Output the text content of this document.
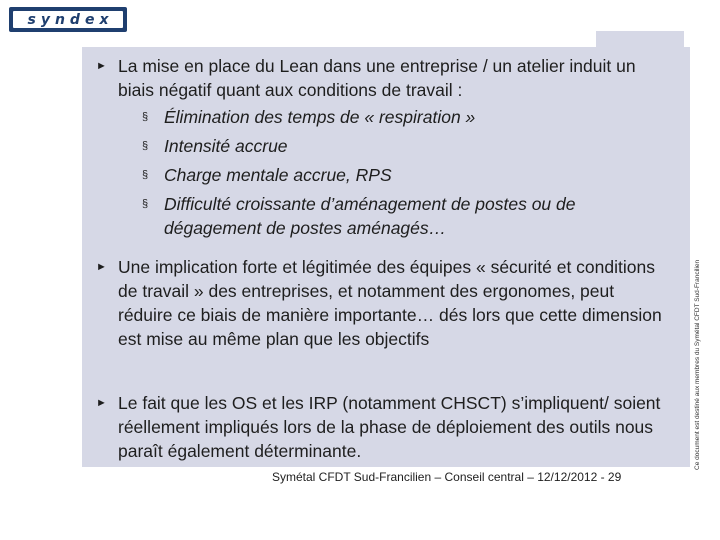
syndex
► La mise en place du Lean dans une entreprise / un atelier induit un biais négatif quant aux conditions de travail :
§ Élimination des temps de « respiration »
§ Intensité accrue
§ Charge mentale accrue, RPS
§ Difficulté croissante d’aménagement de postes ou de dégagement de postes aménagés…
► Une implication forte et légitimée des équipes « sécurité et conditions de travail » des entreprises, et notamment des ergonomes, peut réduire ce biais de manière importante… dés lors que cette dimension est mise au même plan que les objectifs
► Le fait que les OS et les IRP (notamment CHSCT) s’impliquent/ soient réellement impliqués lors de la phase de déploiement des outils nous paraît également déterminante.
Symétal CFDT Sud-Francilien – Conseil central – 12/12/2012 - 29
Ce document est destiné aux membres du Symétal CFDT Sud-Francilien
